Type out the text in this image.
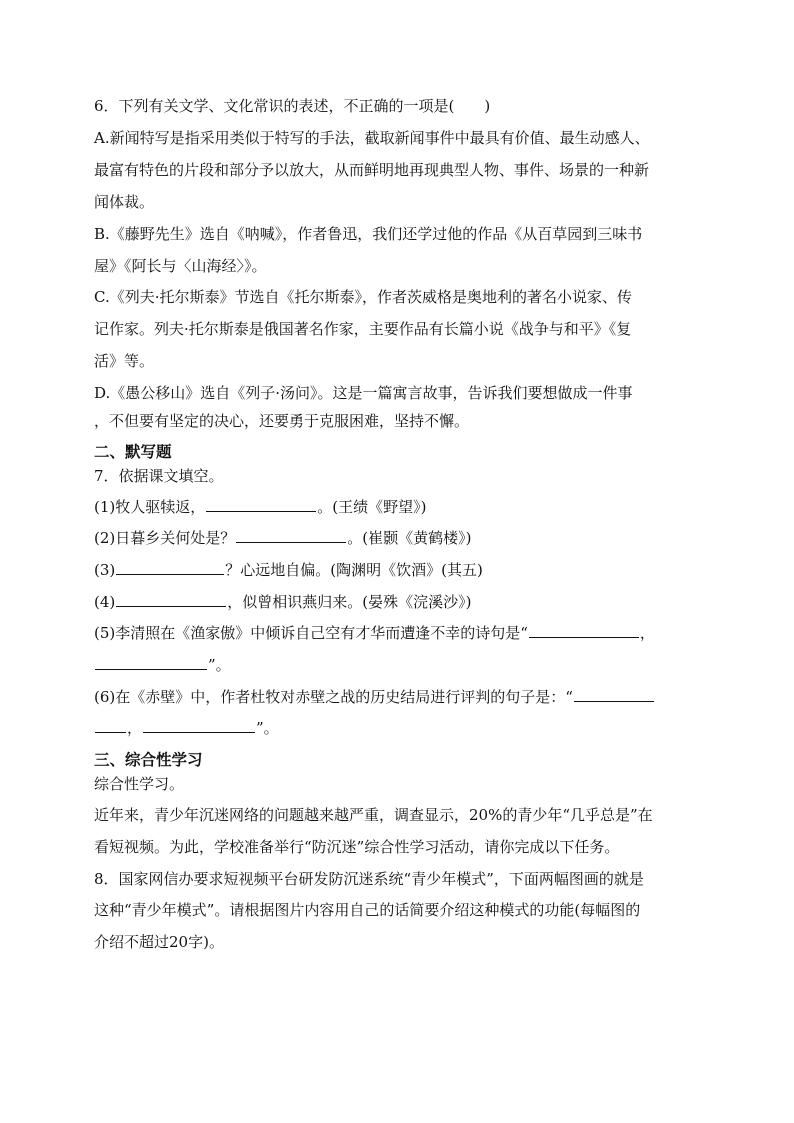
6．下列有关文学、文化常识的表述，不正确的一项是(　　)
A.新闻特写是指采用类似于特写的手法，截取新闻事件中最具有价值、最生动感人、
最富有特色的片段和部分予以放大，从而鲜明地再现典型人物、事件、场景的一种新
闻体裁。
B.《藤野先生》选自《呐喊》，作者鲁迅，我们还学过他的作品《从百草园到三味书
屋》《阿长与〈山海经〉》。
C.《列夫·托尔斯泰》节选自《托尔斯泰》，作者茨威格是奥地利的著名小说家、传
记作家。列夫·托尔斯泰是俄国著名作家，主要作品有长篇小说《战争与和平》《复
活》等。
D.《愚公移山》选自《列子·汤问》。这是一篇寓言故事，告诉我们要想做成一件事
，不但要有坚定的决心，还要勇于克服困难，坚持不懈。
二、默写题
7．依据课文填空。
(1)牧人驱犊返，	。(王绩《野望》)
(2)日暮乡关何处是？	。(崔颢《黄鹤楼》)
(3)	？心远地自偏。(陶渊明《饮酒》(其五)
(4)	，似曾相识燕归来。(晏殊《浣溪沙》)
(5)李清照在《渔家傲》中倾诉自己空有才华而遭逢不幸的诗句是“	，
”。
(6)在《赤壁》中，作者杜牧对赤壁之战的历史结局进行评判的句子是：“
，	”。
三、综合性学习
综合性学习。
近年来，青少年沉迷网络的问题越来越严重，调查显示，20%的青少年“几乎总是”在
看短视频。为此，学校准备举行“防沉迷”综合性学习活动，请你完成以下任务。
8．国家网信办要求短视频平台研发防沉迷系统“青少年模式”，下面两幅图画的就是
这种“青少年模式”。请根据图片内容用自己的话简要介绍这种模式的功能(每幅图的
介绍不超过20字)。
